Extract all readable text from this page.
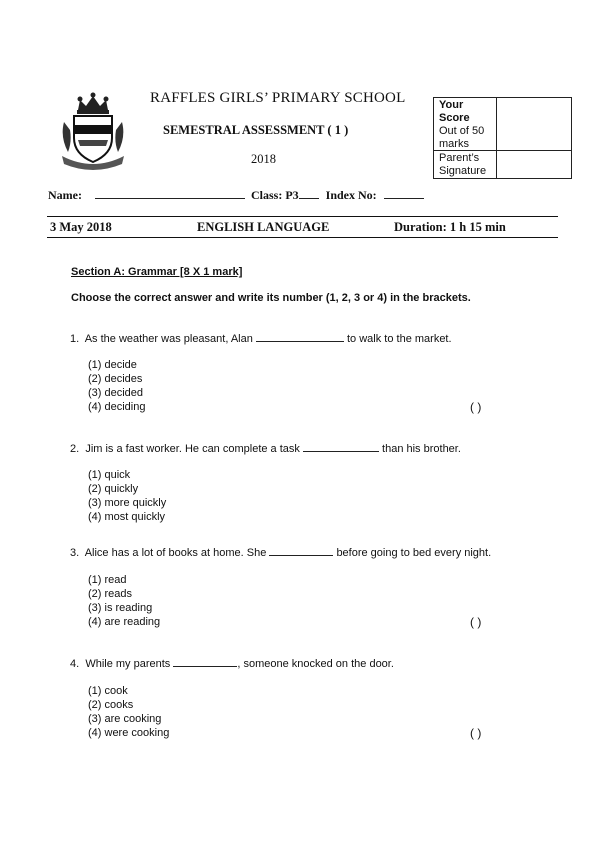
RAFFLES GIRLS’ PRIMARY SCHOOL
SEMESTRAL ASSESSMENT ( 1 )
2018
Your Score
Out of 50 marks
Parent’s Signature
Name:	Class: P3 Index No:
3 May 2018	ENGLISH LANGUAGE	Duration: 1 h 15 min
Section A: Grammar [8 X 1 mark]
Choose the correct answer and write its number (1, 2, 3 or 4) in the brackets.
1. As the weather was pleasant, Alan	to walk to the market.
(1) decide
(2) decides
(3) decided
(4) deciding	( )
2. Jim is a fast worker. He can complete a task	than his brother.
(1) quick
(2) quickly
(3) more quickly
(4) most quickly
3. Alice has a lot of books at home. She	before going to bed every night.
(1) read
(2) reads
(3) is reading
(4) are reading	( )
4. While my parents	, someone knocked on the door.
(1) cook
(2) cooks
(3) are cooking
(4) were cooking	( )
